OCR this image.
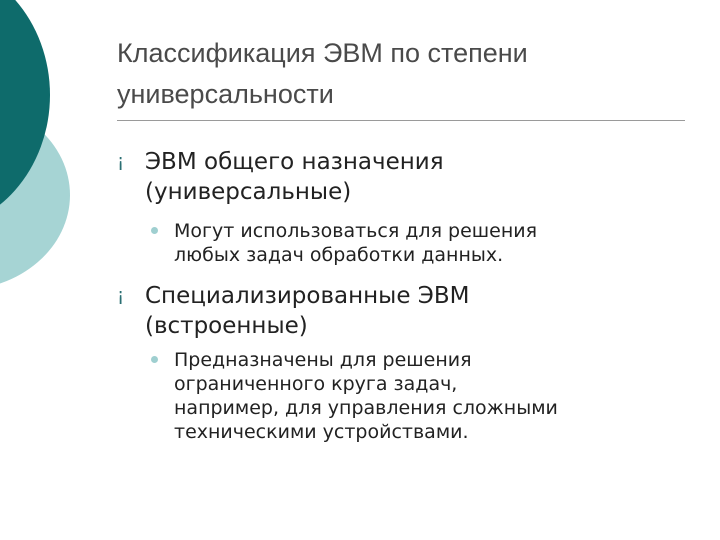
Классификация ЭВМ по степени
универсальности
¡ ЭВМ общего назначения
(универсальные)
Могут использоваться для решения
любых задач обработки данных.
¡ Специализированные ЭВМ
(встроенные)
Предназначены для решения
ограниченного круга задач,
например, для управления сложными
техническими устройствами.
